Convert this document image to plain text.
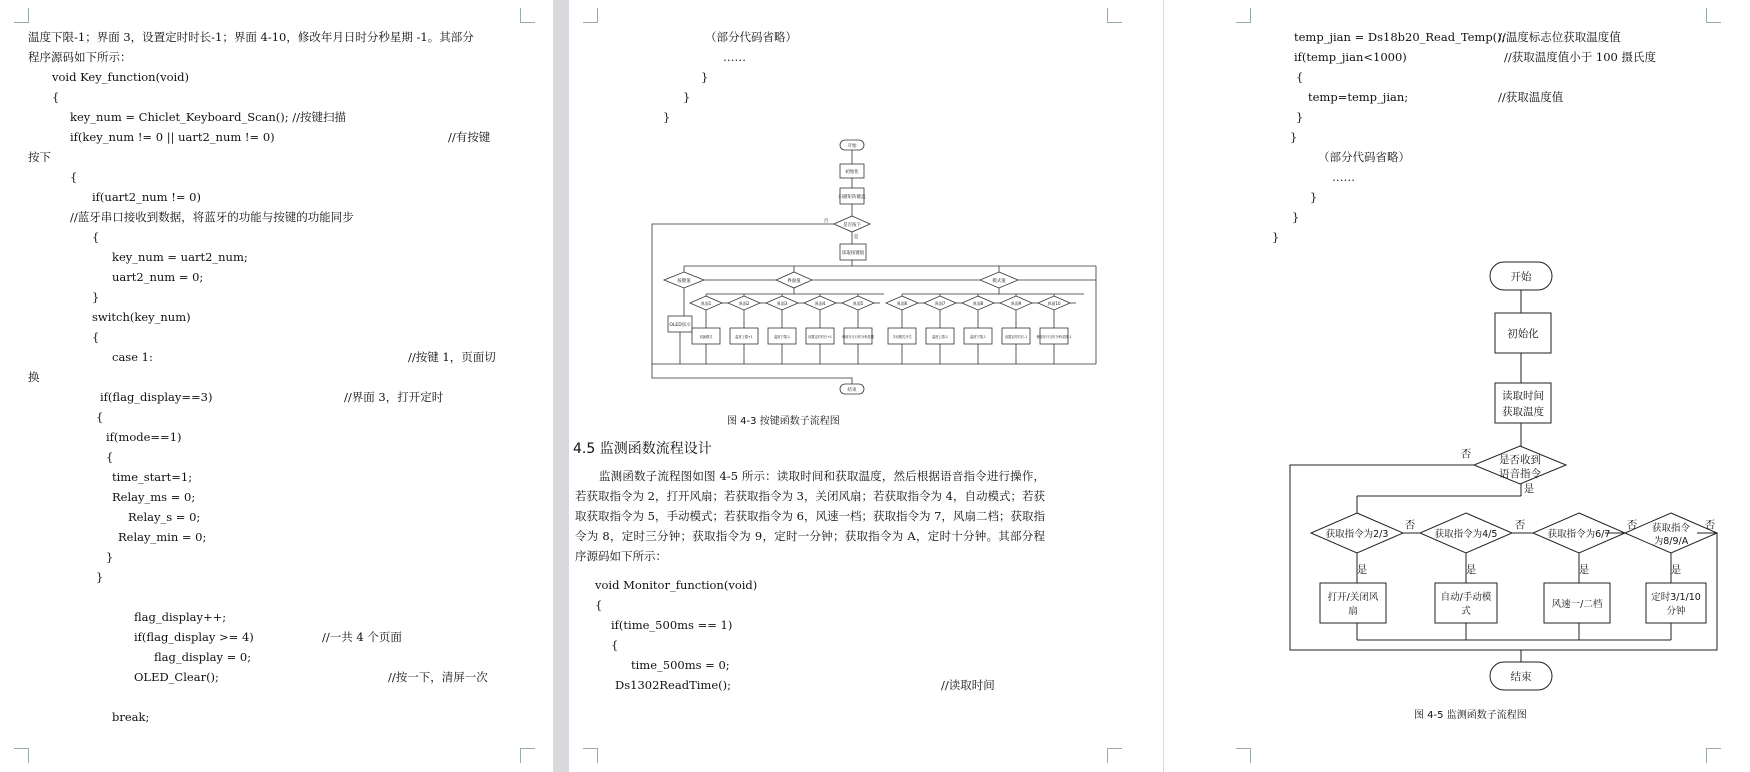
温度下限-1；界面 3，设置定时时长-1；界面 4-10，修改年月日时分秒星期 -1。其部分
程序源码如下所示：
void Key_function(void)
{
key_num = Chiclet_Keyboard_Scan(); //按键扫描
if(key_num != 0 || uart2_num != 0)	//有按键
按下
{
if(uart2_num != 0)
//蓝牙串口接收到数据，将蓝牙的功能与按键的功能同步
{
key_num = uart2_num;
uart2_num = 0;
}
switch(key_num)
{
case 1:	//按键 1，页面切
换
if(flag_display==3)	//界面 3，打开定时
{
if(mode==1)
{
time_start=1;
Relay_ms = 0;
Relay_s = 0;
Relay_min = 0;
}
}
flag_display++;
if(flag_display >= 4)	//一共 4 个页面
flag_display = 0;
OLED_Clear();	//按一下，清屏一次
break;
（部分代码省略）
……
}
}
}
开始
初始化
扫描矩阵键盘
是否按下
读取按键值
按键值	界面值	模式值
OLED显示
是
否
结束
界面1
切换模式
界面2
温度上限+1
界面3
温度下限-1
界面4
设置定时时长+1
界面5
修改年月日时分秒星期
界面6
手动模式开关
界面7
温度上限-1
界面8
温度下限-1
界面9
设置定时时长-1
界面10
修改年月日时分秒星期-1
图 4-3 按键函数子流程图
4.5 监测函数流程设计
监测函数子流程图如图 4-5 所示：读取时间和获取温度，然后根据语音指令进行操作，若获取指令为 2，打开风扇；若获取指令为 3，关闭风扇；若获取指令为 4，自动模式；若获取获取指令为 5，手动模式；若获取指令为 6，风速一档；获取指令为 7，风扇二档；获取指令为 8，定时三分钟；获取指令为 9，定时一分钟；获取指令为 A，定时十分钟。其部分程序源码如下所示：
void Monitor_function(void)
{
if(time_500ms == 1)
{
time_500ms = 0;
Ds1302ReadTime();	//读取时间
temp_jian = Ds18b20_Read_Temp();
//温度标志位获取温度值
if(temp_jian<1000)	//获取温度值小于 100 摄氏度
{
temp=temp_jian;	//获取温度值
}
}
（部分代码省略）
……
}
}
}
开始
初始化
读取时间
获取温度
是否收到
语音指令
获取指令为2/3	获取指令为4/5	获取指令为6/7
获取指令
为8/9/A
打开/关闭风
扇
自动/手动模
式
风速一/二档
定时3/1/10
分钟
结束
否
是
是	是	是	是
否	否	否	否
图 4-5 监测函数子流程图
